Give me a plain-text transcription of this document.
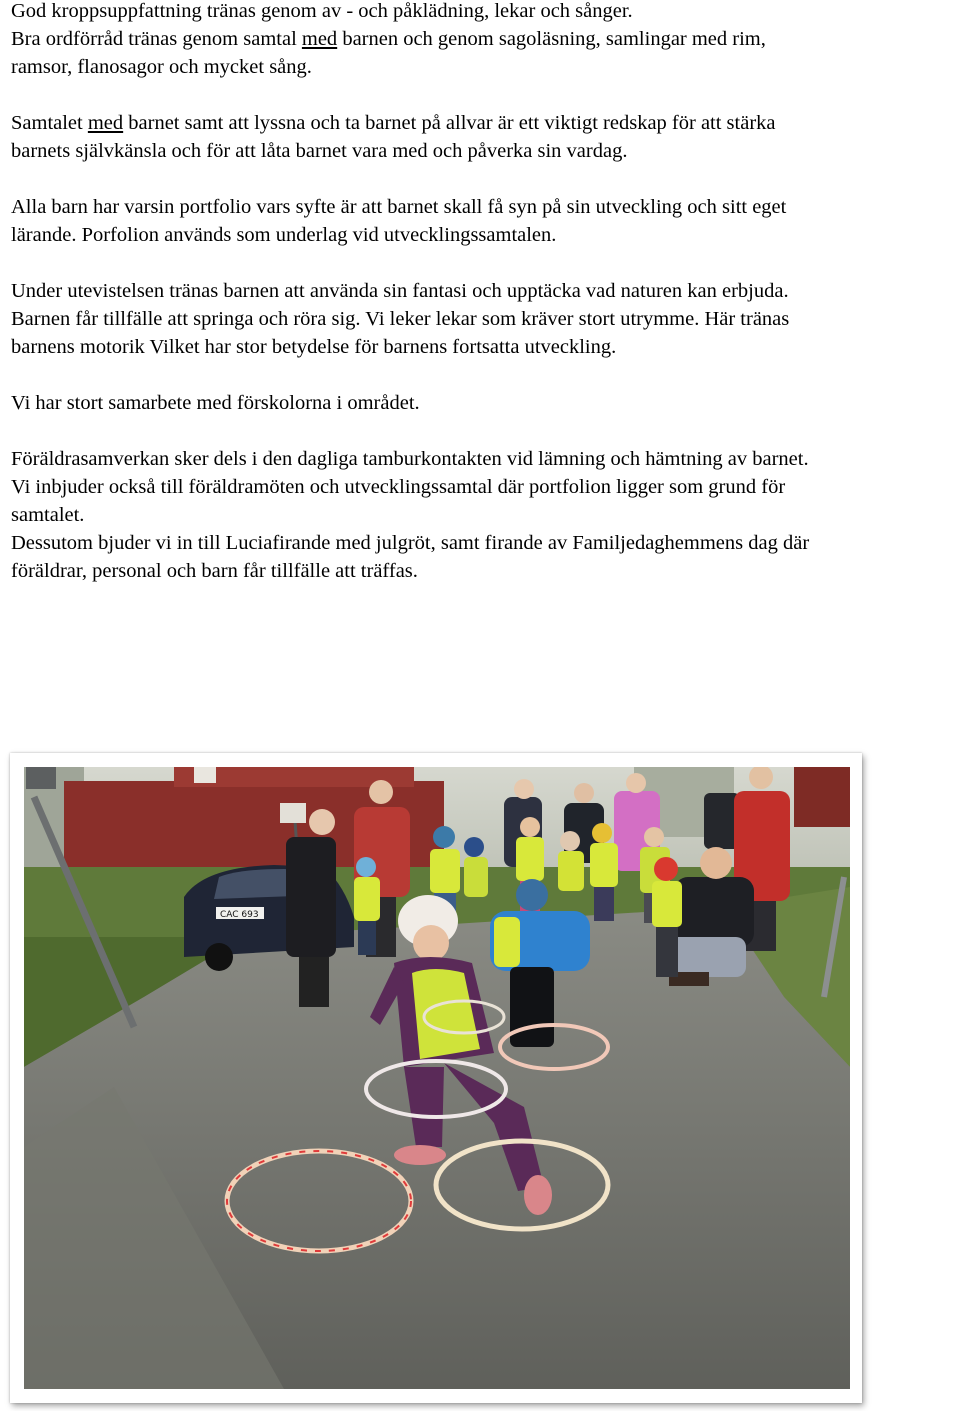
God kroppsuppfattning tränas genom av - och påklädning, lekar och sånger.
Bra ordförråd tränas genom samtal med barnen och genom sagoläsning, samlingar med rim,
ramsor, flanosagor och mycket sång.

Samtalet med barnet samt att lyssna och ta barnet på allvar är ett viktigt redskap för att stärka
barnets självkänsla och för att låta barnet vara med och påverka sin vardag.

Alla barn har varsin portfolio vars syfte är att barnet skall få syn på sin utveckling och sitt eget
lärande. Porfolion används som underlag vid utvecklingssamtalen.

Under utevistelsen tränas barnen att använda sin fantasi och upptäcka vad naturen kan erbjuda.
Barnen får tillfälle att springa och röra sig. Vi leker lekar som kräver stort utrymme. Här tränas
barnens motorik Vilket har stor betydelse för barnens fortsatta utveckling.

Vi har stort samarbete med förskolorna i området.

Föräldrasamverkan sker dels i den dagliga tamburkontakten vid lämning och hämtning av barnet.
Vi inbjuder också till föräldramöten och utvecklingssamtal där portfolion ligger som grund för
samtalet.
Dessutom bjuder vi in till Luciafirande med julgröt, samt firande av Familjedaghemmens dag där
föräldrar, personal och barn får tillfälle att träffas.

CAC 693
